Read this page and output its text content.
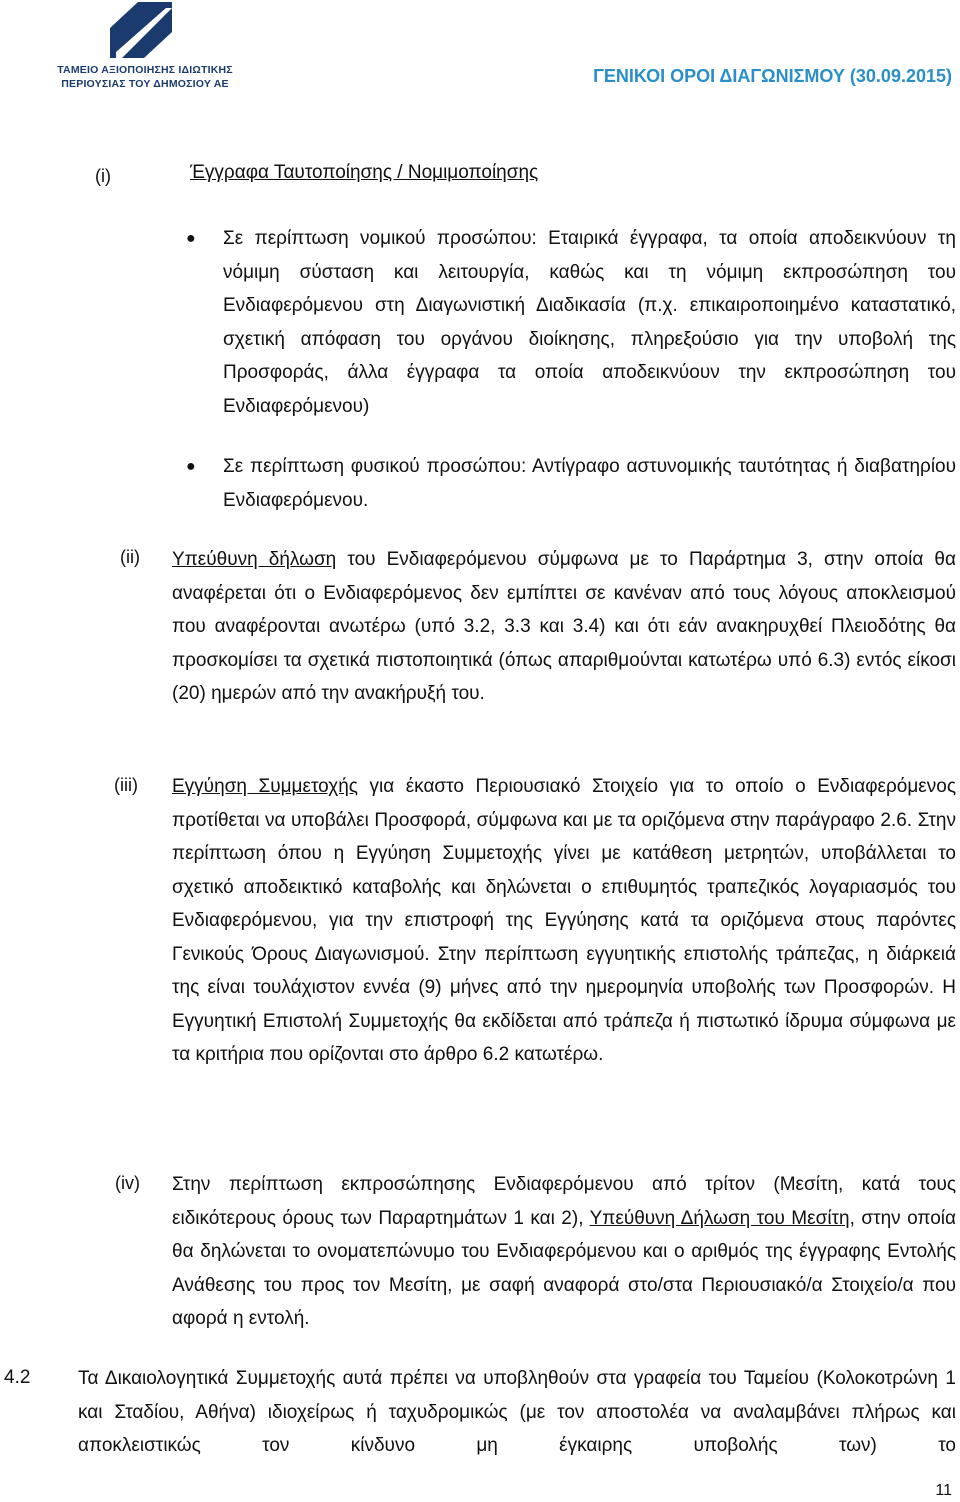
ΤΑΜΕΙΟ ΑΞΙΟΠΟΙΗΣΗΣ ΙΔΙΩΤΙΚΗΣ
ΠΕΡΙΟΥΣΙΑΣ ΤΟΥ ΔΗΜΟΣΙΟΥ ΑΕ	ΓΕΝΙΚΟΙ ΟΡΟΙ ΔΙΑΓΩΝΙΣΜΟΥ (30.09.2015)
(i)	Έγγραφα Ταυτοποίησης / Νομιμοποίησης
● Σε περίπτωση νομικού προσώπου: Εταιρικά έγγραφα, τα οποία αποδεικνύουν τη νόμιμη σύσταση και λειτουργία, καθώς και τη νόμιμη εκπροσώπηση του Ενδιαφερόμενου στη Διαγωνιστική Διαδικασία (π.χ. επικαιροποιημένο καταστατικό, σχετική απόφαση του οργάνου διοίκησης, πληρεξούσιο για την υποβολή της Προσφοράς, άλλα έγγραφα τα οποία αποδεικνύουν την εκπροσώπηση του Ενδιαφερόμενου)
● Σε περίπτωση φυσικού προσώπου: Αντίγραφο αστυνομικής ταυτότητας ή διαβατηρίου Ενδιαφερόμενου.
(ii) Υπεύθυνη δήλωση του Ενδιαφερόμενου σύμφωνα με το Παράρτημα 3, στην οποία θα αναφέρεται ότι ο Ενδιαφερόμενος δεν εμπίπτει σε κανέναν από τους λόγους αποκλεισμού που αναφέρονται ανωτέρω (υπό 3.2, 3.3 και 3.4) και ότι εάν ανακηρυχθεί Πλειοδότης θα προσκομίσει τα σχετικά πιστοποιητικά (όπως απαριθμούνται κατωτέρω υπό 6.3) εντός είκοσι (20) ημερών από την ανακήρυξή του.
(iii) Εγγύηση Συμμετοχής για έκαστο Περιουσιακό Στοιχείο για το οποίο ο Ενδιαφερόμενος προτίθεται να υποβάλει Προσφορά, σύμφωνα και με τα οριζόμενα στην παράγραφο 2.6. Στην περίπτωση όπου η Εγγύηση Συμμετοχής γίνει με κατάθεση μετρητών, υποβάλλεται το σχετικό αποδεικτικό καταβολής και δηλώνεται ο επιθυμητός τραπεζικός λογαριασμός του Ενδιαφερόμενου, για την επιστροφή της Εγγύησης κατά τα οριζόμενα στους παρόντες Γενικούς Όρους Διαγωνισμού. Στην περίπτωση εγγυητικής επιστολής τράπεζας, η διάρκειά της είναι τουλάχιστον εννέα (9) μήνες από την ημερομηνία υποβολής των Προσφορών. Η Εγγυητική Επιστολή Συμμετοχής θα εκδίδεται από τράπεζα ή πιστωτικό ίδρυμα σύμφωνα με τα κριτήρια που ορίζονται στο άρθρο 6.2 κατωτέρω.
(iv) Στην περίπτωση εκπροσώπησης Ενδιαφερόμενου από τρίτον (Μεσίτη, κατά τους ειδικότερους όρους των Παραρτημάτων 1 και 2), Υπεύθυνη Δήλωση του Μεσίτη, στην οποία θα δηλώνεται το ονοματεπώνυμο του Ενδιαφερόμενου και ο αριθμός της έγγραφης Εντολής Ανάθεσης του προς τον Μεσίτη, με σαφή αναφορά στο/στα Περιουσιακό/α Στοιχείο/α που αφορά η εντολή.
4.2	Τα Δικαιολογητικά Συμμετοχής αυτά πρέπει να υποβληθούν στα γραφεία του Ταμείου (Κολοκοτρώνη 1 και Σταδίου, Αθήνα) ιδιοχείρως ή ταχυδρομικώς (με τον αποστολέα να αναλαμβάνει πλήρως και αποκλειστικώς τον κίνδυνο μη έγκαιρης υποβολής των) το
11
